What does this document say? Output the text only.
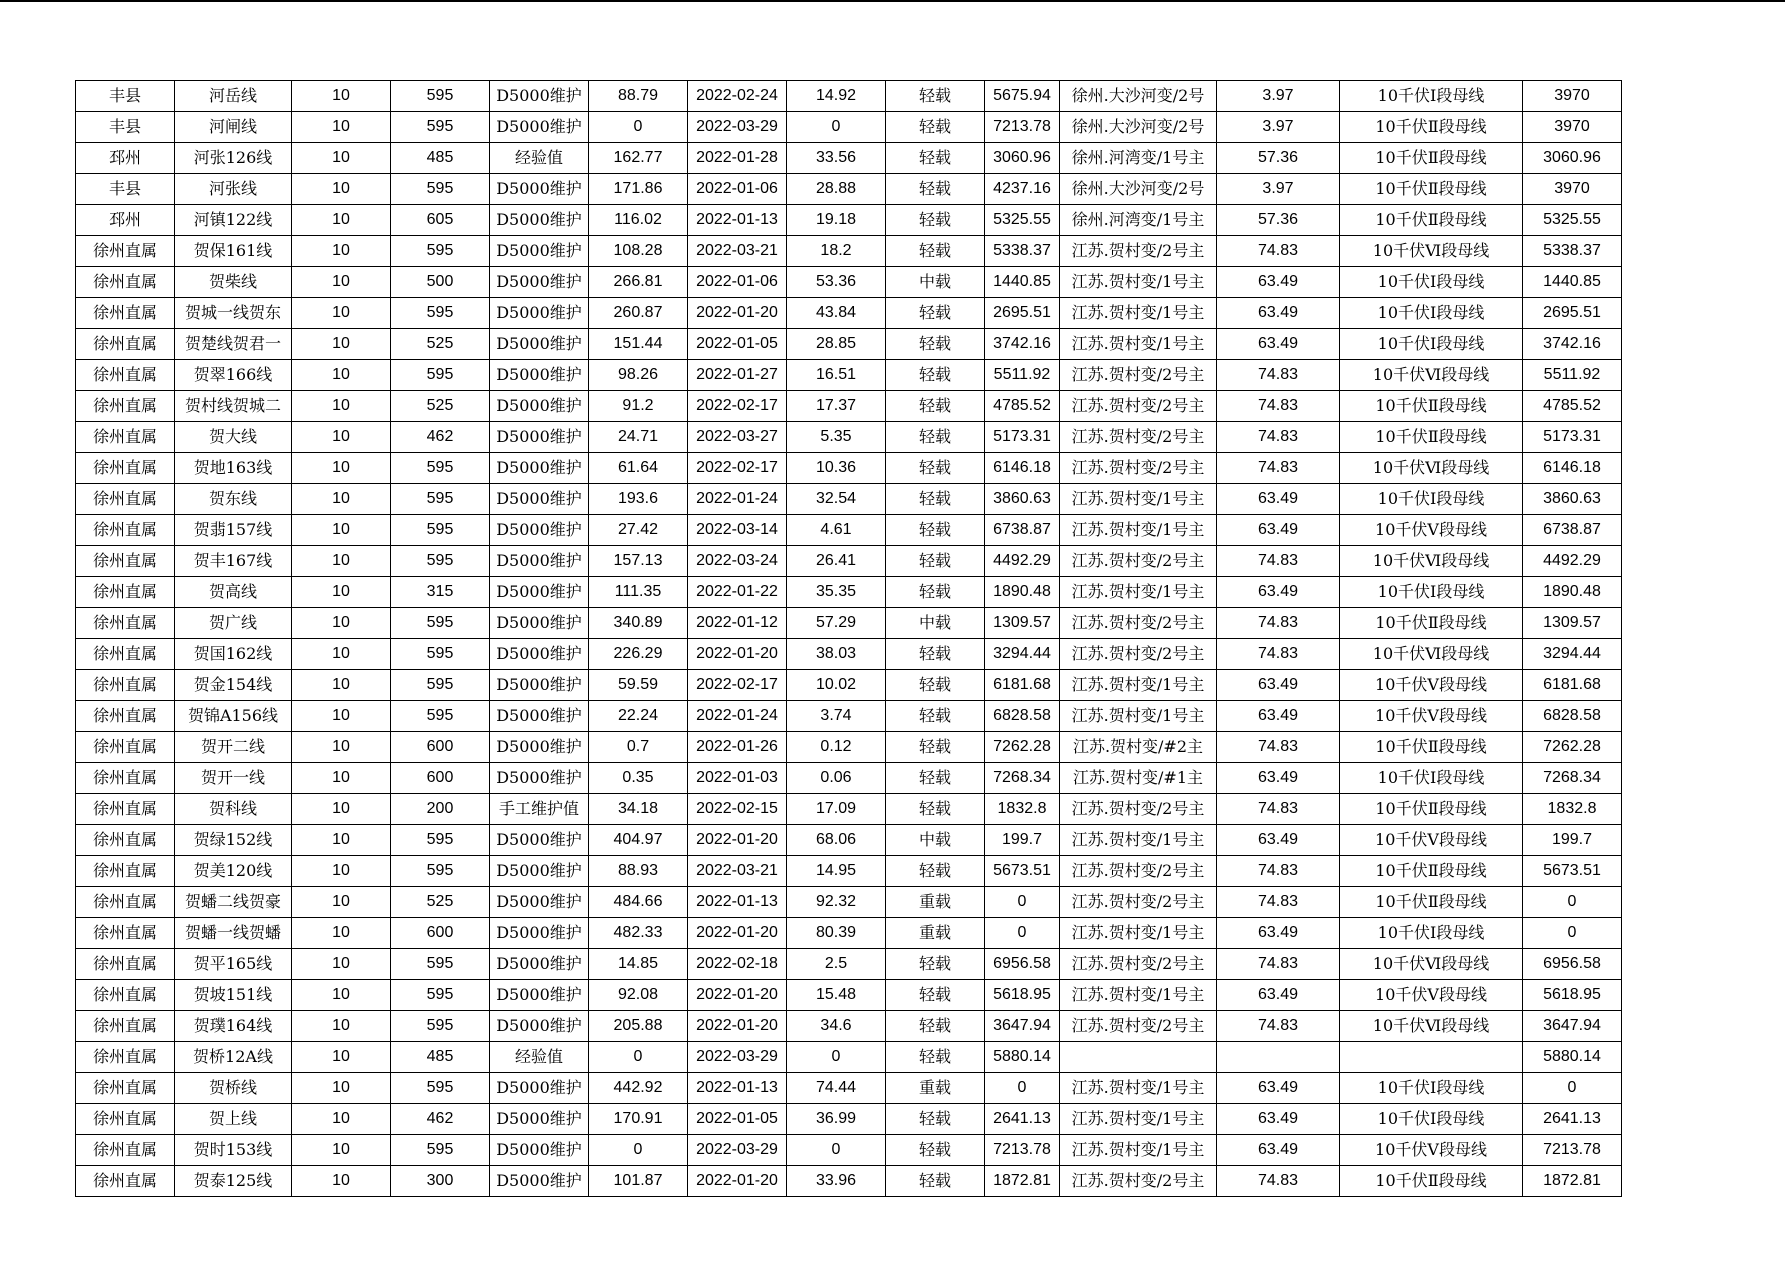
丰县	河岳线	10	595	D5000维护	88.79	2022-02-24	14.92	轻载	5675.94	徐州.大沙河变/2号	3.97	10千伏Ⅰ段母线	3970
丰县	河闸线	10	595	D5000维护	0	2022-03-29	0	轻载	7213.78	徐州.大沙河变/2号	3.97	10千伏Ⅱ段母线	3970
邳州	河张126线	10	485	经验值	162.77	2022-01-28	33.56	轻载	3060.96	徐州.河湾变/1号主	57.36	10千伏Ⅱ段母线	3060.96
丰县	河张线	10	595	D5000维护	171.86	2022-01-06	28.88	轻载	4237.16	徐州.大沙河变/2号	3.97	10千伏Ⅱ段母线	3970
邳州	河镇122线	10	605	D5000维护	116.02	2022-01-13	19.18	轻载	5325.55	徐州.河湾变/1号主	57.36	10千伏Ⅱ段母线	5325.55
徐州直属	贺保161线	10	595	D5000维护	108.28	2022-03-21	18.2	轻载	5338.37	江苏.贺村变/2号主	74.83	10千伏Ⅵ段母线	5338.37
徐州直属	贺柴线	10	500	D5000维护	266.81	2022-01-06	53.36	中载	1440.85	江苏.贺村变/1号主	63.49	10千伏Ⅰ段母线	1440.85
徐州直属	贺城一线贺东	10	595	D5000维护	260.87	2022-01-20	43.84	轻载	2695.51	江苏.贺村变/1号主	63.49	10千伏Ⅰ段母线	2695.51
徐州直属	贺楚线贺君一	10	525	D5000维护	151.44	2022-01-05	28.85	轻载	3742.16	江苏.贺村变/1号主	63.49	10千伏Ⅰ段母线	3742.16
徐州直属	贺翠166线	10	595	D5000维护	98.26	2022-01-27	16.51	轻载	5511.92	江苏.贺村变/2号主	74.83	10千伏Ⅵ段母线	5511.92
徐州直属	贺村线贺城二	10	525	D5000维护	91.2	2022-02-17	17.37	轻载	4785.52	江苏.贺村变/2号主	74.83	10千伏Ⅱ段母线	4785.52
徐州直属	贺大线	10	462	D5000维护	24.71	2022-03-27	5.35	轻载	5173.31	江苏.贺村变/2号主	74.83	10千伏Ⅱ段母线	5173.31
徐州直属	贺地163线	10	595	D5000维护	61.64	2022-02-17	10.36	轻载	6146.18	江苏.贺村变/2号主	74.83	10千伏Ⅵ段母线	6146.18
徐州直属	贺东线	10	595	D5000维护	193.6	2022-01-24	32.54	轻载	3860.63	江苏.贺村变/1号主	63.49	10千伏Ⅰ段母线	3860.63
徐州直属	贺翡157线	10	595	D5000维护	27.42	2022-03-14	4.61	轻载	6738.87	江苏.贺村变/1号主	63.49	10千伏Ⅴ段母线	6738.87
徐州直属	贺丰167线	10	595	D5000维护	157.13	2022-03-24	26.41	轻载	4492.29	江苏.贺村变/2号主	74.83	10千伏Ⅵ段母线	4492.29
徐州直属	贺高线	10	315	D5000维护	111.35	2022-01-22	35.35	轻载	1890.48	江苏.贺村变/1号主	63.49	10千伏Ⅰ段母线	1890.48
徐州直属	贺广线	10	595	D5000维护	340.89	2022-01-12	57.29	中载	1309.57	江苏.贺村变/2号主	74.83	10千伏Ⅱ段母线	1309.57
徐州直属	贺国162线	10	595	D5000维护	226.29	2022-01-20	38.03	轻载	3294.44	江苏.贺村变/2号主	74.83	10千伏Ⅵ段母线	3294.44
徐州直属	贺金154线	10	595	D5000维护	59.59	2022-02-17	10.02	轻载	6181.68	江苏.贺村变/1号主	63.49	10千伏Ⅴ段母线	6181.68
徐州直属	贺锦A156线	10	595	D5000维护	22.24	2022-01-24	3.74	轻载	6828.58	江苏.贺村变/1号主	63.49	10千伏Ⅴ段母线	6828.58
徐州直属	贺开二线	10	600	D5000维护	0.7	2022-01-26	0.12	轻载	7262.28	江苏.贺村变/#2主	74.83	10千伏Ⅱ段母线	7262.28
徐州直属	贺开一线	10	600	D5000维护	0.35	2022-01-03	0.06	轻载	7268.34	江苏.贺村变/#1主	63.49	10千伏Ⅰ段母线	7268.34
徐州直属	贺科线	10	200	手工维护值	34.18	2022-02-15	17.09	轻载	1832.8	江苏.贺村变/2号主	74.83	10千伏Ⅱ段母线	1832.8
徐州直属	贺绿152线	10	595	D5000维护	404.97	2022-01-20	68.06	中载	199.7	江苏.贺村变/1号主	63.49	10千伏Ⅴ段母线	199.7
徐州直属	贺美120线	10	595	D5000维护	88.93	2022-03-21	14.95	轻载	5673.51	江苏.贺村变/2号主	74.83	10千伏Ⅱ段母线	5673.51
徐州直属	贺蟠二线贺豪	10	525	D5000维护	484.66	2022-01-13	92.32	重载	0	江苏.贺村变/2号主	74.83	10千伏Ⅱ段母线	0
徐州直属	贺蟠一线贺蟠	10	600	D5000维护	482.33	2022-01-20	80.39	重载	0	江苏.贺村变/1号主	63.49	10千伏Ⅰ段母线	0
徐州直属	贺平165线	10	595	D5000维护	14.85	2022-02-18	2.5	轻载	6956.58	江苏.贺村变/2号主	74.83	10千伏Ⅵ段母线	6956.58
徐州直属	贺坡151线	10	595	D5000维护	92.08	2022-01-20	15.48	轻载	5618.95	江苏.贺村变/1号主	63.49	10千伏Ⅴ段母线	5618.95
徐州直属	贺璞164线	10	595	D5000维护	205.88	2022-01-20	34.6	轻载	3647.94	江苏.贺村变/2号主	74.83	10千伏Ⅵ段母线	3647.94
徐州直属	贺桥12A线	10	485	经验值	0	2022-03-29	0	轻载	5880.14				5880.14
徐州直属	贺桥线	10	595	D5000维护	442.92	2022-01-13	74.44	重载	0	江苏.贺村变/1号主	63.49	10千伏Ⅰ段母线	0
徐州直属	贺上线	10	462	D5000维护	170.91	2022-01-05	36.99	轻载	2641.13	江苏.贺村变/1号主	63.49	10千伏Ⅰ段母线	2641.13
徐州直属	贺时153线	10	595	D5000维护	0	2022-03-29	0	轻载	7213.78	江苏.贺村变/1号主	63.49	10千伏Ⅴ段母线	7213.78
徐州直属	贺泰125线	10	300	D5000维护	101.87	2022-01-20	33.96	轻载	1872.81	江苏.贺村变/2号主	74.83	10千伏Ⅱ段母线	1872.81
